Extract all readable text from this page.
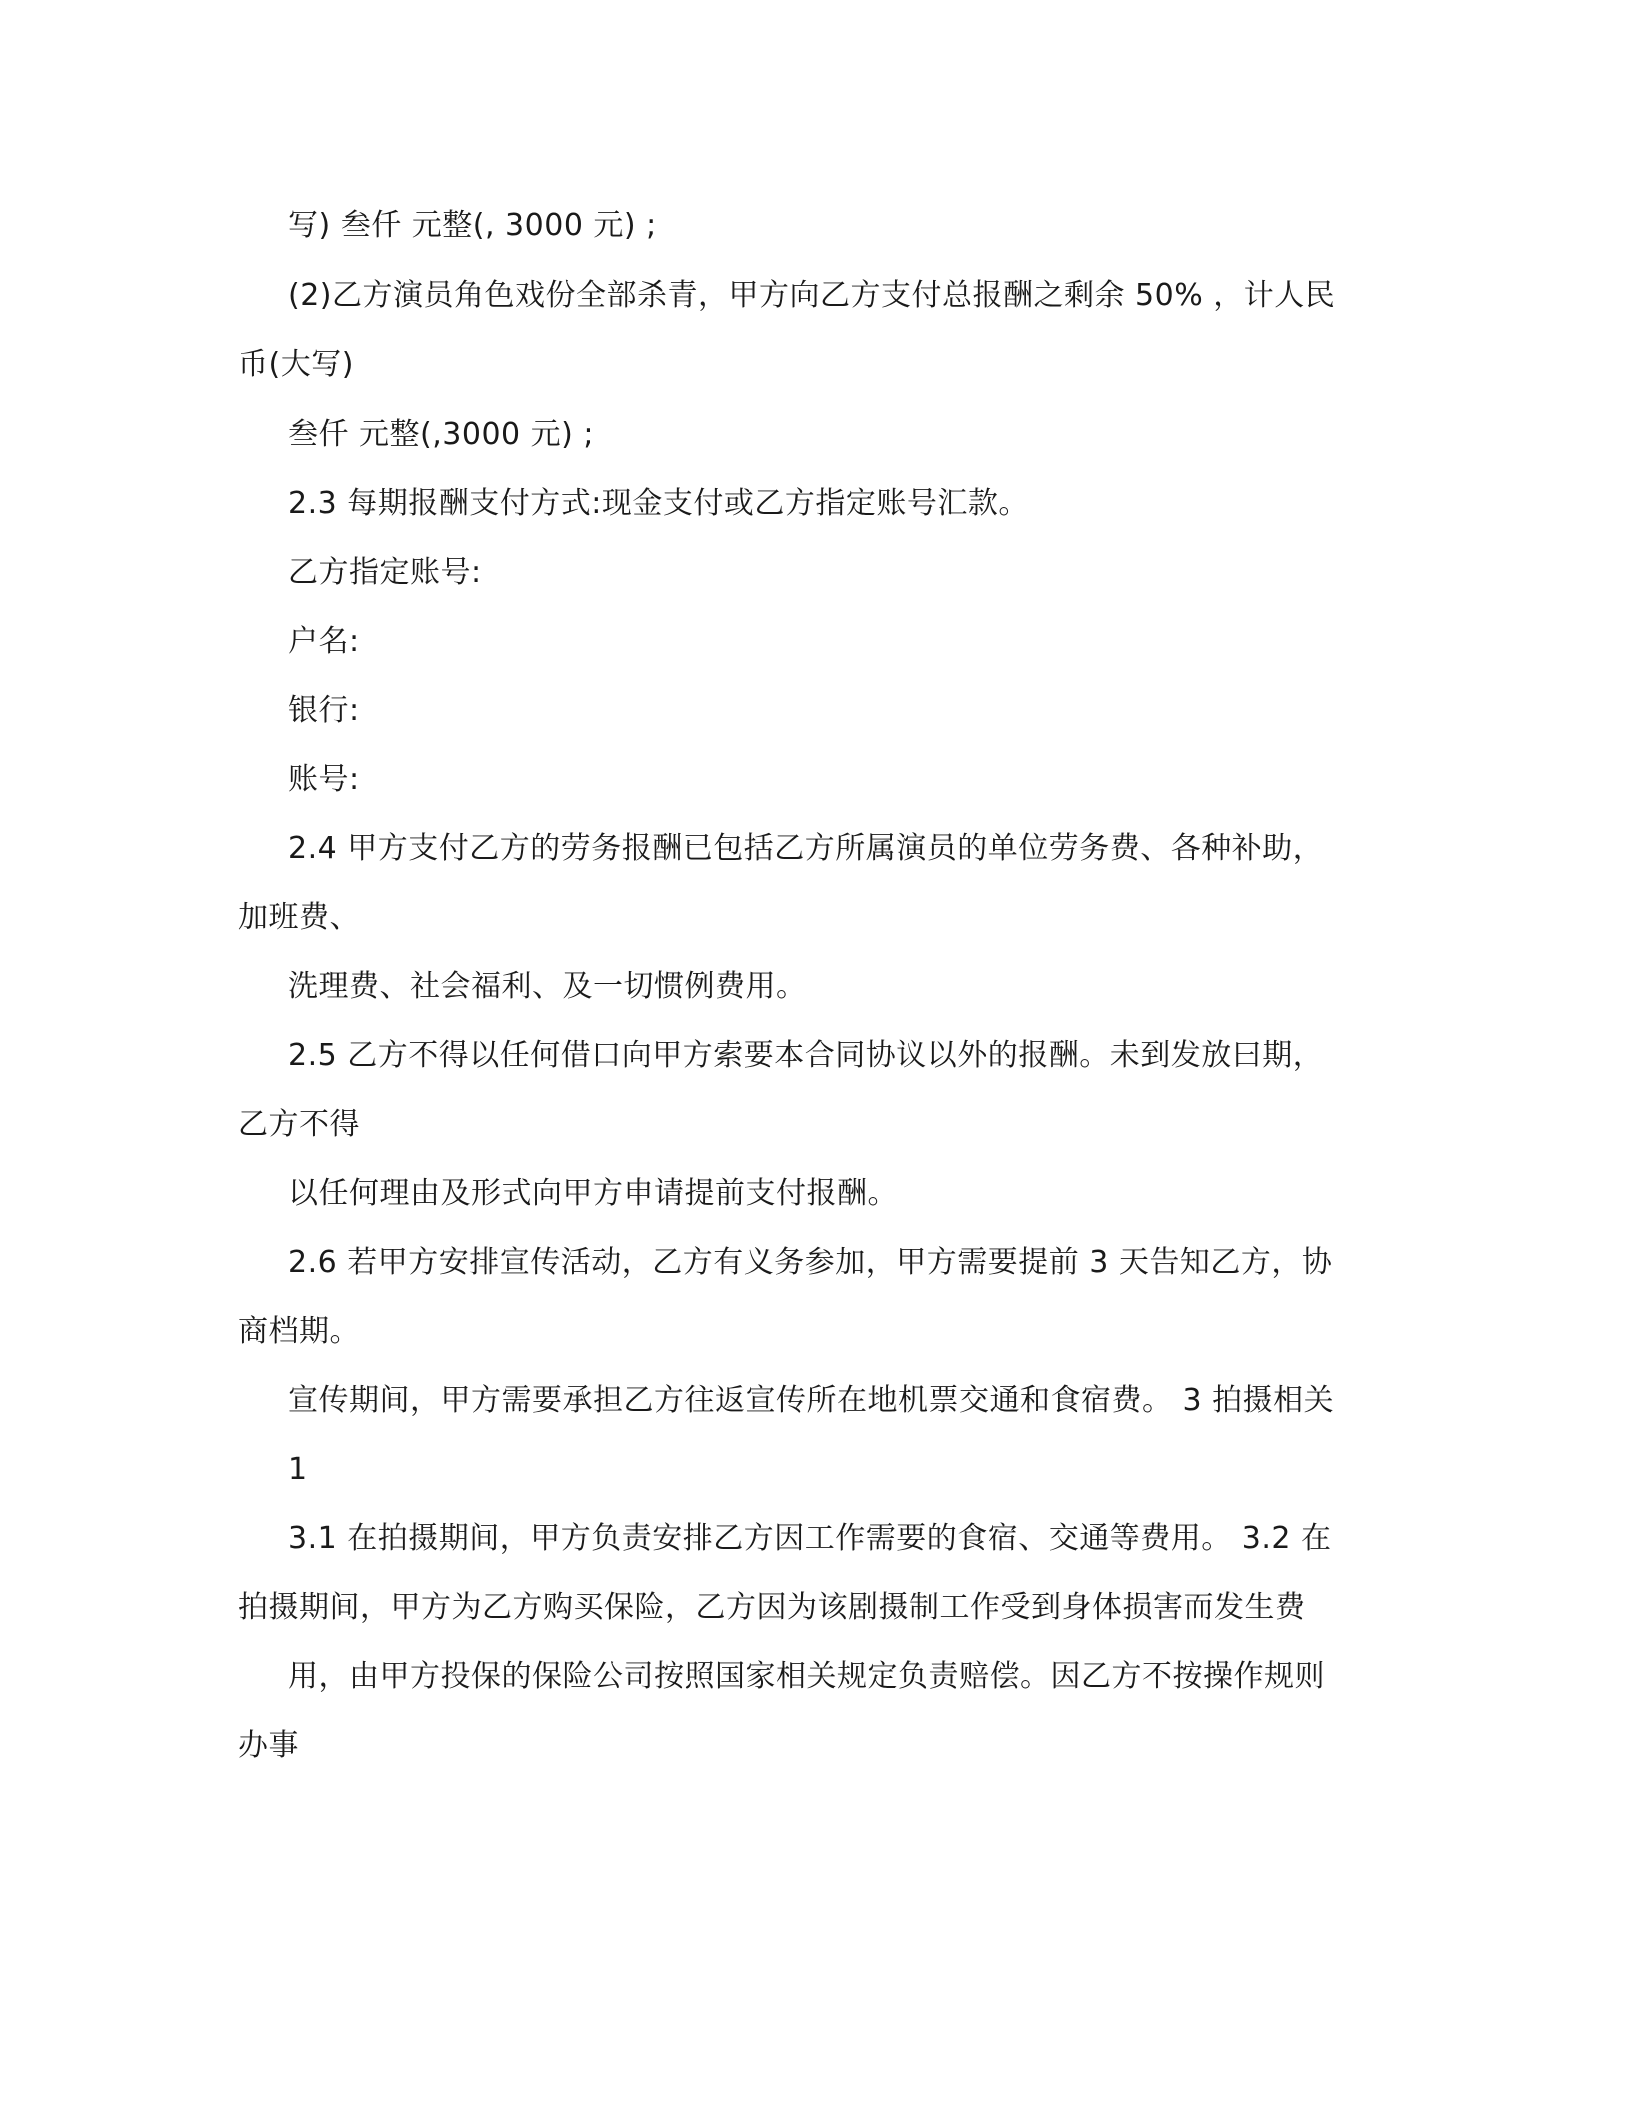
写) 叁仟 元整(, 3000 元) ;
(2)乙方演员角色戏份全部杀青，甲方向乙方支付总报酬之剩余 50% ，计人民
币(大写)
叁仟 元整(,3000 元) ;
2.3 每期报酬支付方式:现金支付或乙方指定账号汇款。
乙方指定账号:
户名:
银行:
账号:
2.4 甲方支付乙方的劳务报酬已包括乙方所属演员的单位劳务费、各种补助，
加班费、
洗理费、社会福利、及一切惯例费用。
2.5 乙方不得以任何借口向甲方索要本合同协议以外的报酬。未到发放曰期，
乙方不得
以任何理由及形式向甲方申请提前支付报酬。
2.6 若甲方安排宣传活动，乙方有义务参加，甲方需要提前 3 天告知乙方，协
商档期。
宣传期间，甲方需要承担乙方往返宣传所在地机票交通和食宿费。 3 拍摄相关
1
3.1 在拍摄期间，甲方负责安排乙方因工作需要的食宿、交通等费用。 3.2 在
拍摄期间，甲方为乙方购买保险，乙方因为该剧摄制工作受到身体损害而发生费
用，由甲方投保的保险公司按照国家相关规定负责赔偿。因乙方不按操作规则
办事
